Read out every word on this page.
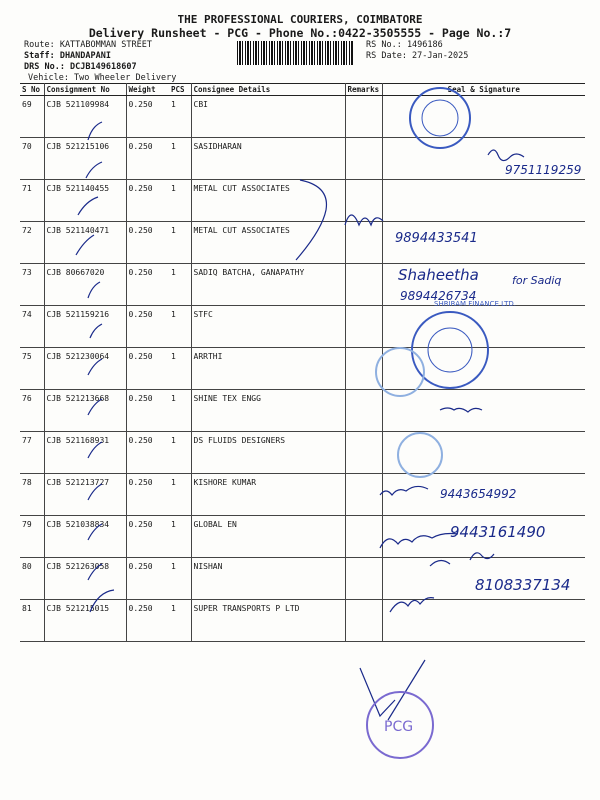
THE PROFESSIONAL COURIERS, COIMBATORE
Delivery Runsheet - PCG - Phone No.:0422-3505555 - Page No.:7
Route: KATTABOMMAN STREET
Staff: DHANDAPANI
DRS No.: DCJB149618607
RS No.: 1496186
RS Date: 27-Jan-2025
Vehicle: Two Wheeler Delivery
S No	Consignment No	Weight	PCS	Consignee Details	Remarks	Seal & Signature
69	CJB 521109984	0.250	1	CBI		
70	CJB 521215106	0.250	1	SASIDHARAN		
71	CJB 521140455	0.250	1	METAL CUT ASSOCIATES		
72	CJB 521140471	0.250	1	METAL CUT ASSOCIATES		
73	CJB 80667020	0.250	1	SADIQ BATCHA, GANAPATHY		
74	CJB 521159216	0.250	1	STFC		
75	CJB 521230064	0.250	1	ARRTHI		
76	CJB 521213668	0.250	1	SHINE TEX ENGG		
77	CJB 521168931	0.250	1	DS FLUIDS DESIGNERS		
78	CJB 521213727	0.250	1	KISHORE KUMAR		
79	CJB 521038834	0.250	1	GLOBAL EN		
80	CJB 521263058	0.250	1	NISHAN		
81	CJB 521215015	0.250	1	SUPER TRANSPORTS P LTD		
9751119259
9894433541
Shaheetha	for Sadiq
9894426734
9443654992
9443161490
8108337134
SHRIRAM FINANCE LTD.
PCG
